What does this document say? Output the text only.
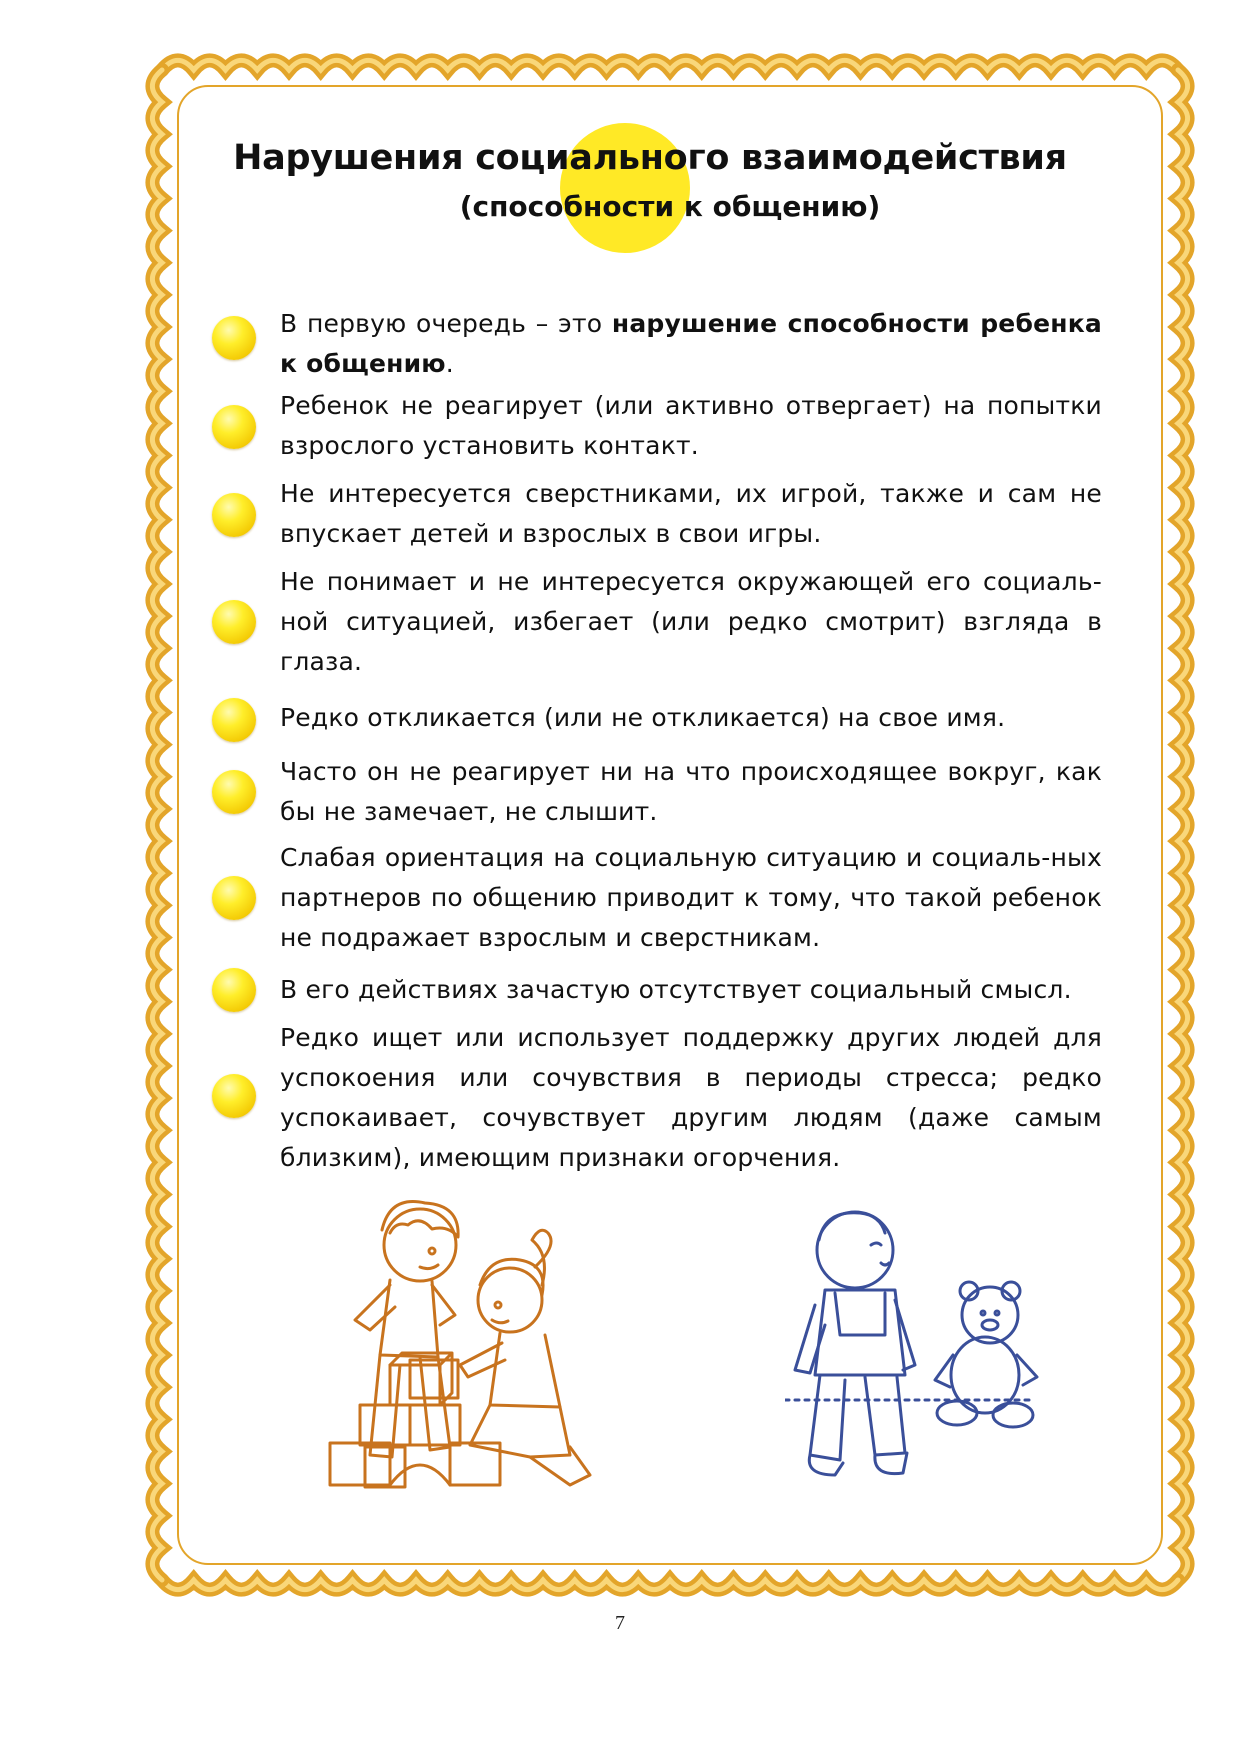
Нарушения социального взаимодействия
(способности к общению)

В первую очередь – это нарушение способности ребенка к общению.

Ребенок не реагирует (или активно отвергает) на попытки взрослого установить контакт.

Не интересуется сверстниками, их игрой, также и сам не впускает детей и взрослых в свои игры.

Не понимает и не интересуется окружающей его социаль-ной ситуацией, избегает (или редко смотрит) взгляда в глаза.

Редко откликается (или не откликается) на свое имя.

Часто он не реагирует ни на что происходящее вокруг, как бы не замечает, не слышит.

Слабая ориентация на социальную ситуацию и социаль-ных партнеров по общению приводит к тому, что такой ребенок не подражает взрослым и сверстникам.

В его действиях зачастую отсутствует социальный смысл.

Редко ищет или использует поддержку других людей для успокоения или сочувствия в периоды стресса; редко успокаивает, сочувствует другим людям (даже самым близким), имеющим признаки огорчения.

7
